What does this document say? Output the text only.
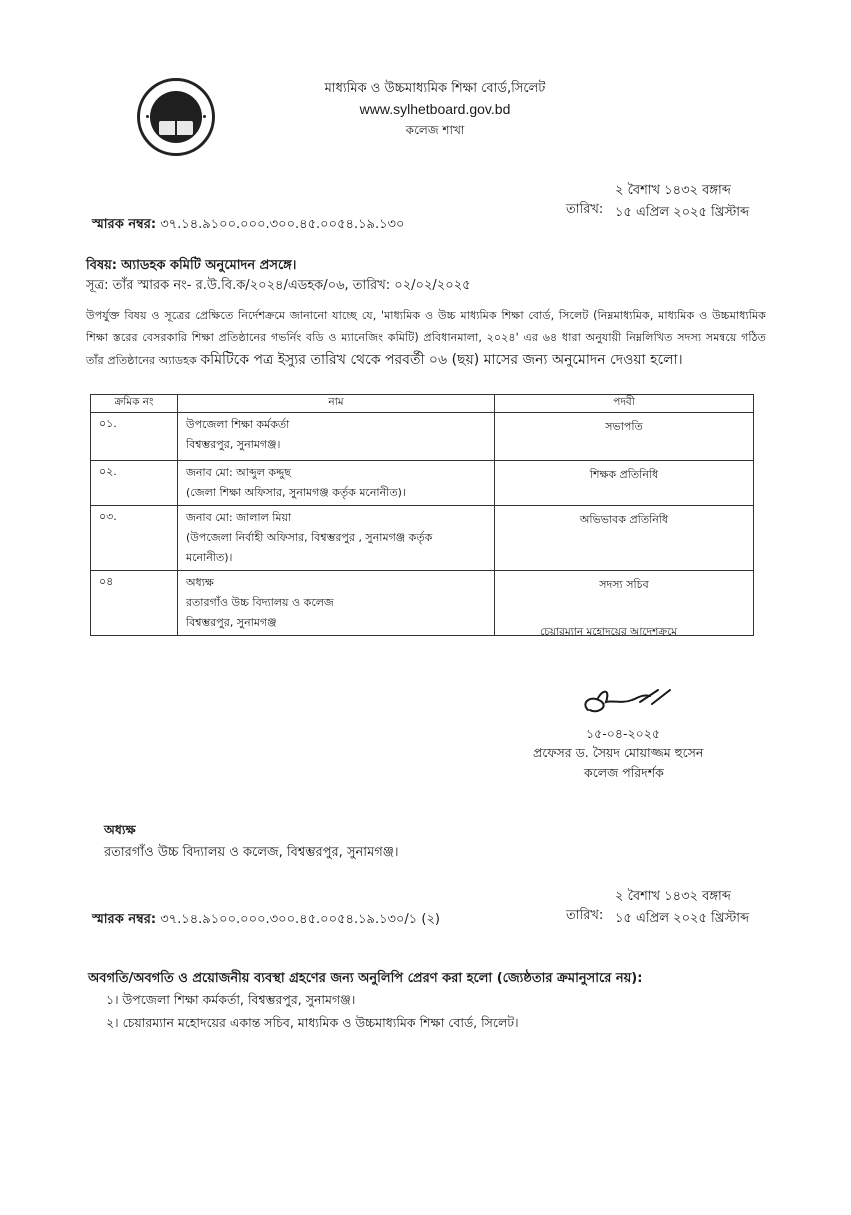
মাধ্যমিক ও উচ্চমাধ্যমিক শিক্ষা বোর্ড,সিলেট
www.sylhetboard.gov.bd
কলেজ শাখা
তারিখ:
২ বৈশাখ ১৪৩২ বঙ্গাব্দ
১৫ এপ্রিল ২০২৫ খ্রিস্টাব্দ
স্মারক নম্বর: ৩৭.১৪.৯১০০.০০০.৩০০.৪৫.০০৫৪.১৯.১৩০
বিষয়: অ্যাডহক কমিটি অনুমোদন প্রসঙ্গে।
সূত্র: তাঁর স্মারক নং- র.উ.বি.ক/২০২৪/এডহক/০৬, তারিখ: ০২/০২/২০২৫
উপর্যুক্ত বিষয় ও সূত্রের প্রেক্ষিতে নির্দেশক্রমে জানানো যাচ্ছে যে, 'মাধ্যমিক ও উচ্চ মাধ্যমিক শিক্ষা বোর্ড, সিলেট (নিম্নমাধ্যমিক, মাধ্যমিক ও উচ্চমাধ্যমিক শিক্ষা স্তরের বেসরকারি শিক্ষা প্রতিষ্ঠানের গভর্নিং বডি ও ম্যানেজিং কমিটি) প্রবিধানমালা, ২০২৪' এর ৬৪ ধারা অনুযায়ী নিম্নলিখিত সদস্য সমন্বয়ে গঠিত তাঁর প্রতিষ্ঠানের অ্যাডহক কমিটিকে পত্র ইস্যুর তারিখ থেকে পরবর্তী ০৬ (ছয়) মাসের জন্য অনুমোদন দেওয়া হলো।
ক্রমিক নং	নাম	পদবী
০১.	উপজেলা শিক্ষা কর্মকর্তা
বিশ্বম্ভরপুর, সুনামগঞ্জ।	সভাপতি
০২.	জনাব মো: আব্দুল কদ্দুছ
(জেলা শিক্ষা অফিসার, সুনামগঞ্জ কর্তৃক মনোনীত)।	শিক্ষক প্রতিনিধি
০৩.	জনাব মো: জালাল মিয়া
(উপজেলা নির্বাহী অফিসার, বিশ্বম্ভরপুর , সুনামগঞ্জ কর্তৃক
মনোনীত)।	অভিভাবক প্রতিনিধি
০৪	অধ্যক্ষ
রতারগাঁও উচ্চ বিদ্যালয় ও কলেজ
বিশ্বম্ভরপুর, সুনামগঞ্জ	সদস্য সচিব
চেয়ারম্যান মহোদয়ের আদেশক্রমে
১৫-০৪-২০২৫
প্রফেসর ড. সৈয়দ মোয়াজ্জম হুসেন
কলেজ পরিদর্শক
অধ্যক্ষ
রতারগাঁও উচ্চ বিদ্যালয় ও কলেজ, বিশ্বম্ভরপুর, সুনামগঞ্জ।
তারিখ:
২ বৈশাখ ১৪৩২ বঙ্গাব্দ
১৫ এপ্রিল ২০২৫ খ্রিস্টাব্দ
স্মারক নম্বর: ৩৭.১৪.৯১০০.০০০.৩০০.৪৫.০০৫৪.১৯.১৩০/১ (২)
অবগতি/অবগতি ও প্রয়োজনীয় ব্যবস্থা গ্রহণের জন্য অনুলিপি প্রেরণ করা হলো (জ্যেষ্ঠতার ক্রমানুসারে নয়):
১। উপজেলা শিক্ষা কর্মকর্তা, বিশ্বম্ভরপুর, সুনামগঞ্জ।
২। চেয়ারম্যান মহোদয়ের একান্ত সচিব, মাধ্যমিক ও উচ্চমাধ্যমিক শিক্ষা বোর্ড, সিলেট।
